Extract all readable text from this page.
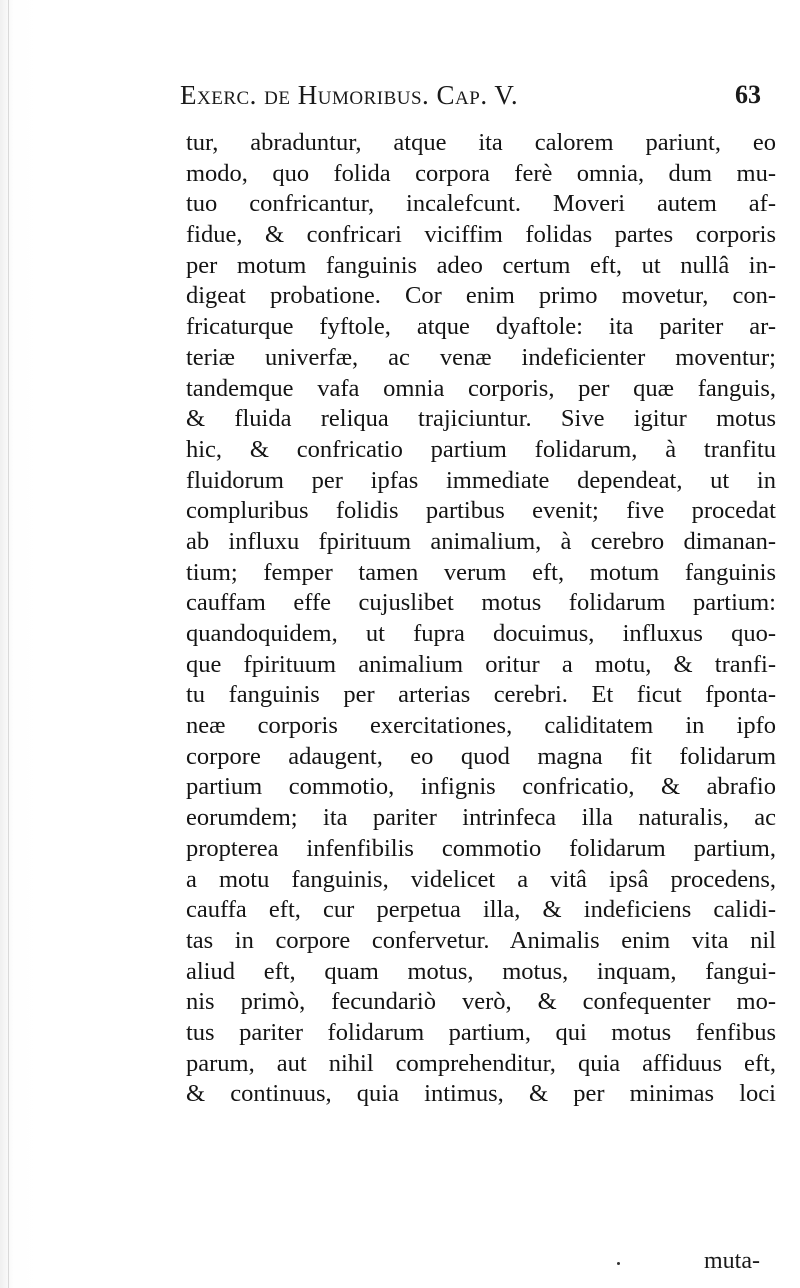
Exerc. de Humoribus. Cap. V.	63
tur, abraduntur, atque ita calorem pariunt, eo
modo, quo folida corpora ferè omnia, dum mu-
tuo confricantur, incalefcunt. Moveri autem af-
fidue, & confricari viciffim folidas partes corporis
per motum fanguinis adeo certum eft, ut nullâ in-
digeat probatione. Cor enim primo movetur, con-
fricaturque fyftole, atque dyaftole: ita pariter ar-
teriæ univerfæ, ac venæ indeficienter moventur;
tandemque vafa omnia corporis, per quæ fanguis,
& fluida reliqua trajiciuntur. Sive igitur motus
hic, & confricatio partium folidarum, à tranfitu
fluidorum per ipfas immediate dependeat, ut in
compluribus folidis partibus evenit; five procedat
ab influxu fpirituum animalium, à cerebro dimanan-
tium; femper tamen verum eft, motum fanguinis
cauffam effe cujuslibet motus folidarum partium:
quandoquidem, ut fupra docuimus, influxus quo-
que fpirituum animalium oritur a motu, & tranfi-
tu fanguinis per arterias cerebri. Et ficut fponta-
neæ corporis exercitationes, caliditatem in ipfo
corpore adaugent, eo quod magna fit folidarum
partium commotio, infignis confricatio, & abrafio
eorumdem; ita pariter intrinfeca illa naturalis, ac
propterea infenfibilis commotio folidarum partium,
a motu fanguinis, videlicet a vitâ ipsâ procedens,
cauffa eft, cur perpetua illa, & indeficiens calidi-
tas in corpore confervetur. Animalis enim vita nil
aliud eft, quam motus, motus, inquam, fangui-
nis primò, fecundariò verò, & confequenter mo-
tus pariter folidarum partium, qui motus fenfibus
parum, aut nihil comprehenditur, quia affiduus eft,
& continuus, quia intimus, & per minimas loci
muta-
